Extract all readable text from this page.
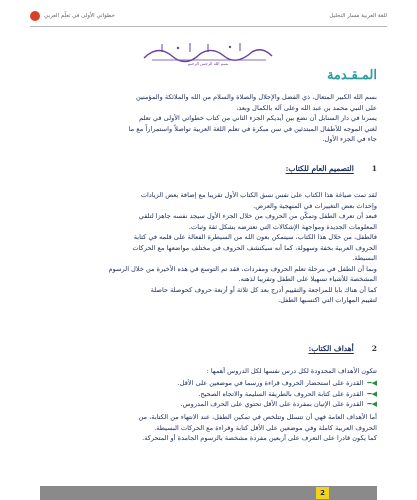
خطواتي الأولى في تعلّم العربي	للغة العربية مسار التحليل
بسم الله الرحمن الرحيم
المـقـدمة
بسم الله الكبير المتعال، ذي الفضل والإجلال والصلاة والسلام من الله والملائكة والمؤمنين
على النبي محمد بن عبد الله وعلى آله بالكمال وبعد،
يسرنا في دار السنابل أن نضع بين أيديكم الجزء الثاني من كتاب خطواتي الأولى في تعلم
لغتي الموجه للأطفال المبتدئين في سن مبكرة في تعلم اللغة العربية تواصلاً واستمراراً مع ما
جاء في الجزء الأول.
1
التصميم العام للكتاب:
لقد تمت صياغة هذا الكتاب على نفس نسق الكتاب الأول تقريبا مع إضافة بعض الزيادات
وإحداث بعض التغييرات في المنهجية والعرض.
فبعد أن تعرف الطفل وتمكّن من الحروف من خلال الجزء الأول سيجد نفسه جاهزا لتلقي
المعلومات الجديدة ومواجهة الإشكالات التي تعترضه بشكل ثقة وثبات.
فالطفل، من خلال هذا الكتاب، سيتمكن بعون الله من السيطرة الفعالة على قلمه في كتابة
الحروف العربية بخفة وسهولة، كما أنه سيكتشف الحروف في مختلف مواضعها مع الحركات
البسيطة.
وبما أن الطفل في مرحلة تعلم الحروف ومفردات، فقد تم التوسع في هذه الأخيرة من خلال الرسوم
المشخصة للأشياء تسهيلا على الطفل وتقريبا لذهنه.
كما أن هناك بابا للمراجعة والتقييم أدرج بعد كل ثلاثة أو أربعة حروف كحوصلة حاصلة
لتقييم المهارات التي اكتسبها الطفل.
2
أهداف الكتاب:
تتكون الأهداف المحدودة لكل درس نفسها لكل الدروس أهمها :
◀━
القدرة على استحضار الحروف قراءة ورسما في موضعين على الأقل.
◀━
القدرة على كتابة الحروف بالطريقة السليمة والاتجاه الصحيح.
◀━
القدرة على الإتيان بمفردة على الأقل تحتوي على الحرف المدروس.
أما الأهداف العامة فهي أن تتسلل وتتلخص في تمكين الطفل، عند الانتهاء من الكتابة، من
الحروف العربية كاملة وفي موضعين على الأقل كتابة وقراءة مع الحركات البسيطة.
كما يكون قادرا على التعرف على أربعين مفردة مشخصة بالرسوم الجامدة أو المتحركة.
2
